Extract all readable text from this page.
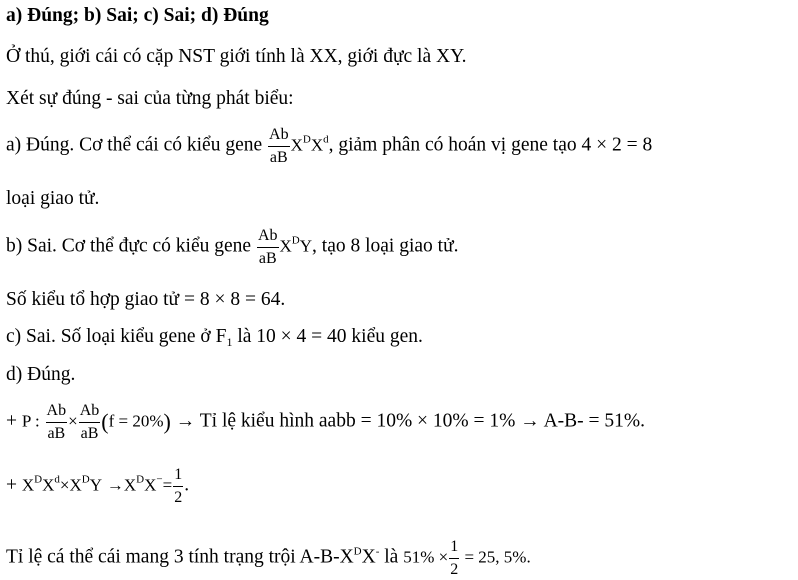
a) Đúng; b) Sai; c) Sai; d) Đúng
Ở thú, giới cái có cặp NST giới tính là XX, giới đực là XY.
Xét sự đúng - sai của từng phát biểu:
a) Đúng. Cơ thể cái có kiểu gene $\frac{Ab}{aB} X^DX^d$, giảm phân có hoán vị gene tạo 4 × 2 = 8
loại giao tử.
b) Sai. Cơ thể đực có kiểu gene $\frac{Ab}{aB} X^DY$, tạo 8 loại giao tử.
Số kiểu tổ hợp giao tử = 8 × 8 = 64.
c) Sai. Số loại kiểu gene ở $F_1$ là 10 × 4 = 40 kiểu gen.
d) Đúng.
+ P : $\frac{Ab}{aB} \times \frac{Ab}{aB} (f = 20\%)$ → Tỉ lệ kiểu hình aabb = 10% × 10% = 1% → A-B- = 51%.
+ $X^DX^d\times X^DY \to X^DX^-= \frac{1}{2}$ .
Tỉ lệ cá thể cái mang 3 tính trạng trội $A-B-X^DX^-$ là $51\% \times \frac{1}{2} = 25$, 5%.
